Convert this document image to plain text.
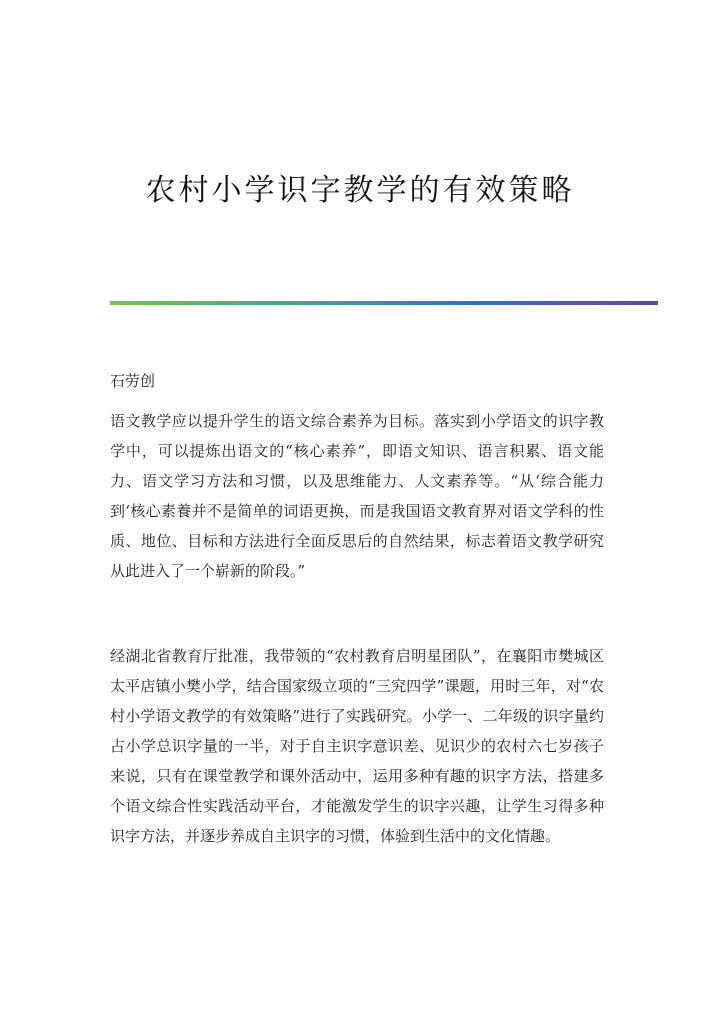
农村小学识字教学的有效策略
石劳创

语文教学应以提升学生的语文综合素养为目标。落实到小学语文的识字教学中，可以提炼出语文的“核心素养”，即语文知识、语言积累、语文能力、语文学习方法和习惯，以及思维能力、人文素养等。“从‘综合能力到‘核心素養并不是简单的词语更换，而是我国语文教育界对语文学科的性质、地位、目标和方法进行全面反思后的自然结果，标志着语文教学研究从此进入了一个崭新的阶段。”

经湖北省教育厅批准，我带领的“农村教育启明星团队”，在襄阳市樊城区太平店镇小樊小学，结合国家级立项的“三究四学”课题，用时三年，对“农村小学语文教学的有效策略”进行了实践研究。小学一、二年级的识字量约占小学总识字量的一半，对于自主识字意识差、见识少的农村六七岁孩子来说，只有在课堂教学和课外活动中，运用多种有趣的识字方法，搭建多个语文综合性实践活动平台，才能激发学生的识字兴趣，让学生习得多种识字方法，并逐步养成自主识字的习惯，体验到生活中的文化情趣。
